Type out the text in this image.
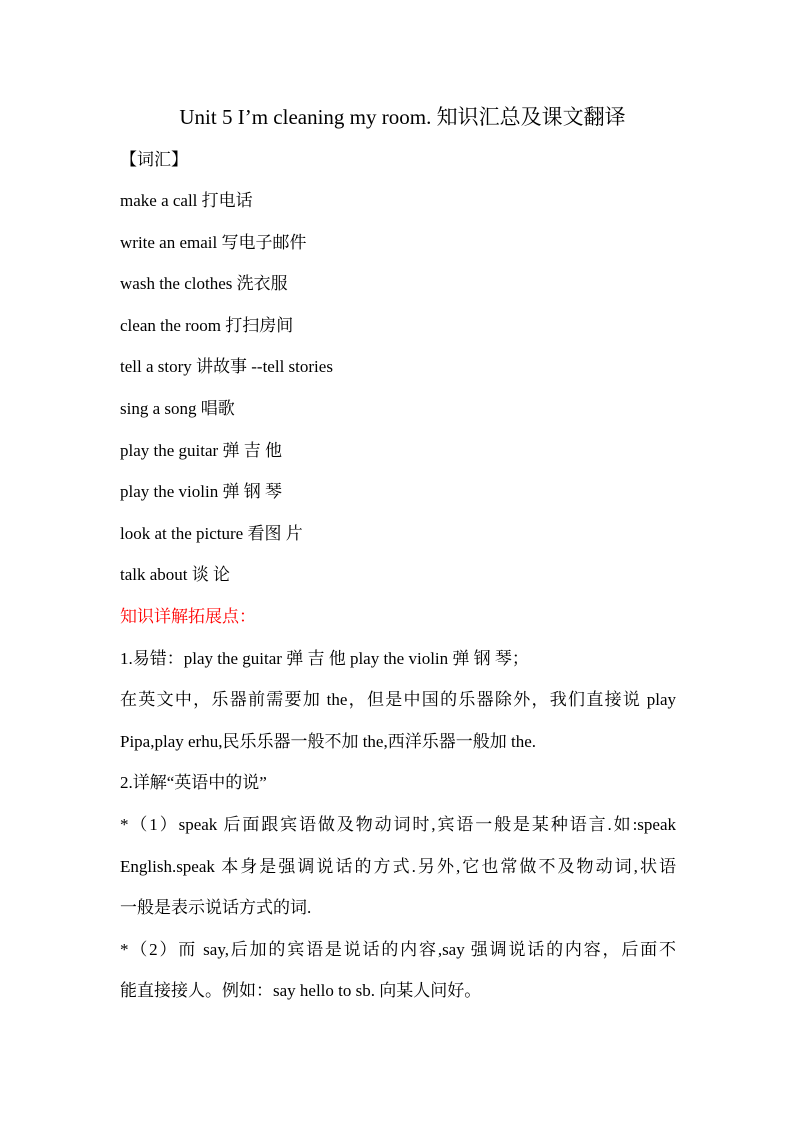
Unit 5 I’m cleaning my room. 知识汇总及课文翻译
【词汇】
make a call 打电话
write an email 写电子邮件
wash the clothes 洗衣服
clean the room 打扫房间
tell a story 讲故事 --tell stories
sing a song 唱歌
play the guitar 弹 吉 他
play the violin 弹 钢 琴
look at the picture 看图 片
talk about 谈 论
知识详解拓展点：
1.易错：play the guitar 弹 吉 他 play the violin 弹 钢 琴；
在英文中，乐器前需要加 the，但是中国的乐器除外，我们直接说 play
Pipa,play erhu,民乐乐器一般不加 the,西洋乐器一般加 the.
2.详解“英语中的说”
*（1）speak 后面跟宾语做及物动词时,宾语一般是某种语言.如:speak
English.speak 本身是强调说话的方式.另外,它也常做不及物动词,状语
一般是表示说话方式的词.
*（2）而 say,后加的宾语是说话的内容,say 强调说话的内容，后面不
能直接接人。例如：say hello to sb. 向某人问好。
